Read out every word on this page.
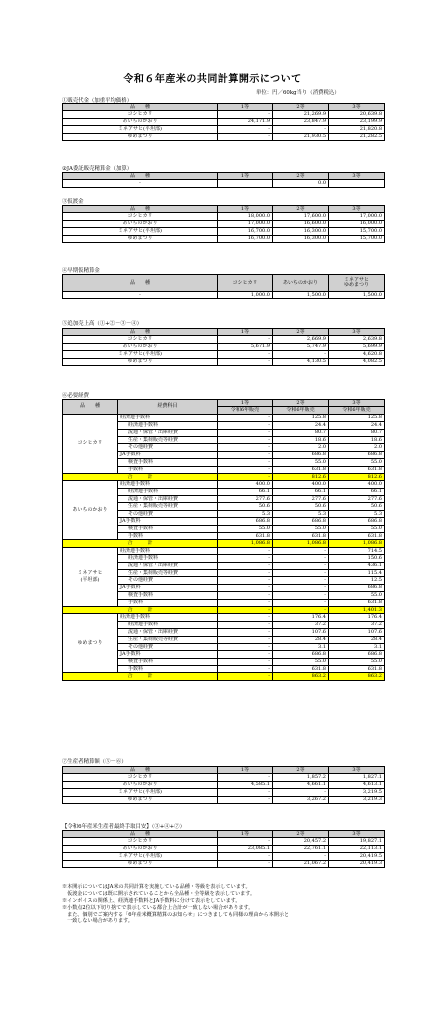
令和６年産米の共同計算開示について
単位：円／60kg当り（消費税込）
①販売代金（加重平均価格）
品　　種	1等	2等	3等
コシヒカリ	-	21,269.9	20,639.8
あいちのかおり	24,171.9	23,847.9	23,199.9
ミネアサヒ(平坦部)	-	-	21,820.8
ゆめまつり	-	21,930.5	21,282.5
②JA委託販売精算金（加算）
品　　種	1等	2等	3等
-		0.0	
③仮渡金
品　　種	1等	2等	3等
コシヒカリ	18,000.0	17,600.0	17,000.0
あいちのかおり	17,000.0	16,600.0	16,000.0
ミネアサヒ(平坦部)	16,700.0	16,300.0	15,700.0
ゆめまつり	16,700.0	16,300.0	15,700.0
④早期仮精算金
品　　種	コシヒカリ	あいちのかおり	ミネアサヒ
ゆめまつり
-	1,000.0	1,500.0	1,500.0
⑤追加売上高（①+②－③－④）
品　　種	1等	2等	3等
コシヒカリ	-	2,669.9	2,639.8
あいちのかおり	5,671.9	5,747.9	5,699.9
ミネアサヒ(平坦部)	-	-	4,620.8
ゆめまつり	-	4,130.5	4,082.5
⑥必要経費
品　　種	経費科目	1等	2等	3等
		令和6年販売	令和6年販売	令和6年販売
コシヒカリ	経済連手数料	-	125.8	125.8
	経済連手数料	-	24.4	24.4
	流通・保管・出庫経費	-	80.7	80.7
	生産・集荷販売等経費	-	18.6	18.6
	その他経費	-	2.0	2.0
	JA手数料	-	686.8	686.8
	検査手数料	-	55.0	55.0
	手数料	-	631.8	631.8
合　　　計		-	812.6	812.6
あいちのかおり	経済連手数料	400.0	400.0	400.0
	経済連手数料	66.1	66.1	66.1
	流通・保管・出庫経費	277.6	277.6	277.6
	生産・集荷販売等経費	50.6	50.6	50.6
	その他経費	5.3	5.3	5.3
	JA手数料	686.8	686.8	686.8
	検査手数料	55.0	55.0	55.0
	手数料	631.8	631.8	631.8
合　　　計		1,086.8	1,086.8	1,086.8
ミネアサヒ
(平坦部)	経済連手数料	-	-	714.5
	経済連手数料	-	-	150.6
	流通・保管・出庫経費	-	-	436.1
	生産・集荷販売等経費	-	-	115.4
	その他経費	-	-	12.5
	JA手数料	-	-	686.8
	検査手数料	-	-	55.0
	手数料	-	-	631.8
合　　　計		-	-	1,401.3
ゆめまつり	経済連手数料	-	176.4	176.4
	経済連手数料	-	37.2	37.2
	流通・保管・出庫経費	-	107.6	107.6
	生産・集荷販売等経費	-	28.4	28.4
	その他経費	-	3.1	3.1
	JA手数料	-	686.8	686.8
	検査手数料	-	55.0	55.0
	手数料	-	631.8	631.8
合　　　計		-	863.2	863.2
⑦生産者精算額（⑤－⑥）
品　　種	1等	2等	3等
コシヒカリ	-	1,857.2	1,827.1
あいちのかおり	4,585.1	4,661.1	4,613.1
ミネアサヒ(平坦部)	-	-	3,219.5
ゆめまつり	-	3,267.2	3,219.3
【令和6年産米生産者最終手取目安】（③+④+⑦）
品　　種	1等	2等	3等
コシヒカリ	-	20,457.2	19,827.1
あいちのかおり	23,085.1	22,761.1	22,113.1
ミネアサヒ(平坦部)	-	-	20,419.5
ゆめまつり	-	21,067.2	20,419.3
※本開示についてはJA米の共同計算を実施している品種・等級を表示しています。
　仮渡金については既に開示されていることから全品種・全等級を表示しています。
※インボイスの関係上、経済連手数料とJA手数料に分けて表示をしています。
※小数点2位以下切り捨てで表示している都合上合計が一致しない場合があります。
　また、個別でご案内する「6年産米概算精算のお知らせ」につきましても同様の理由から本開示と
　一致しない場合があります。
